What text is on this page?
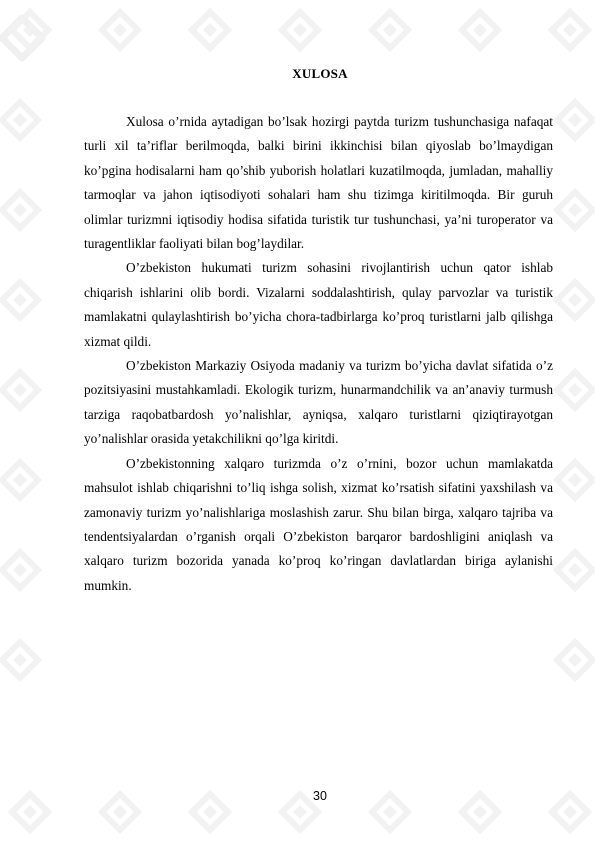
XULOSA

Xulosa o’rnida aytadigan bo’lsak hozirgi paytda turizm tushunchasiga nafaqat turli xil ta’riflar berilmoqda, balki birini ikkinchisi bilan qiyoslab bo’lmaydigan ko’pgina hodisalarni ham qo’shib yuborish holatlari kuzatilmoqda, jumladan, mahalliy tarmoqlar va jahon iqtisodiyoti sohalari ham shu tizimga kiritilmoqda. Bir guruh olimlar turizmni iqtisodiy hodisa sifatida turistik tur tushunchasi, ya’ni turoperator va turagentliklar faoliyati bilan bog’laydilar.

O’zbekiston hukumati turizm sohasini rivojlantirish uchun qator ishlab chiqarish ishlarini olib bordi. Vizalarni soddalashtirish, qulay parvozlar va turistik mamlakatni qulaylashtirish bo’yicha chora-tadbirlarga ko’proq turistlarni jalb qilishga xizmat qildi.

O’zbekiston Markaziy Osiyoda madaniy va turizm bo’yicha davlat sifatida o’z pozitsiyasini mustahkamladi. Ekologik turizm, hunarmandchilik va an’anaviy turmush tarziga raqobatbardosh yo’nalishlar, ayniqsa, xalqaro turistlarni qiziqtirayotgan yo’nalishlar orasida yetakchilikni qo’lga kiritdi.

O’zbekistonning xalqaro turizmda o’z o’rnini, bozor uchun mamlakatda mahsulot ishlab chiqarishni to’liq ishga solish, xizmat ko’rsatish sifatini yaxshilash va zamonaviy turizm yo’nalishlariga moslashish zarur. Shu bilan birga, xalqaro tajriba va tendentsiyalardan o’rganish orqali O’zbekiston barqaror bardoshligini aniqlash va xalqaro turizm bozorida yanada ko’proq ko’ringan davlatlardan biriga aylanishi mumkin.

30
